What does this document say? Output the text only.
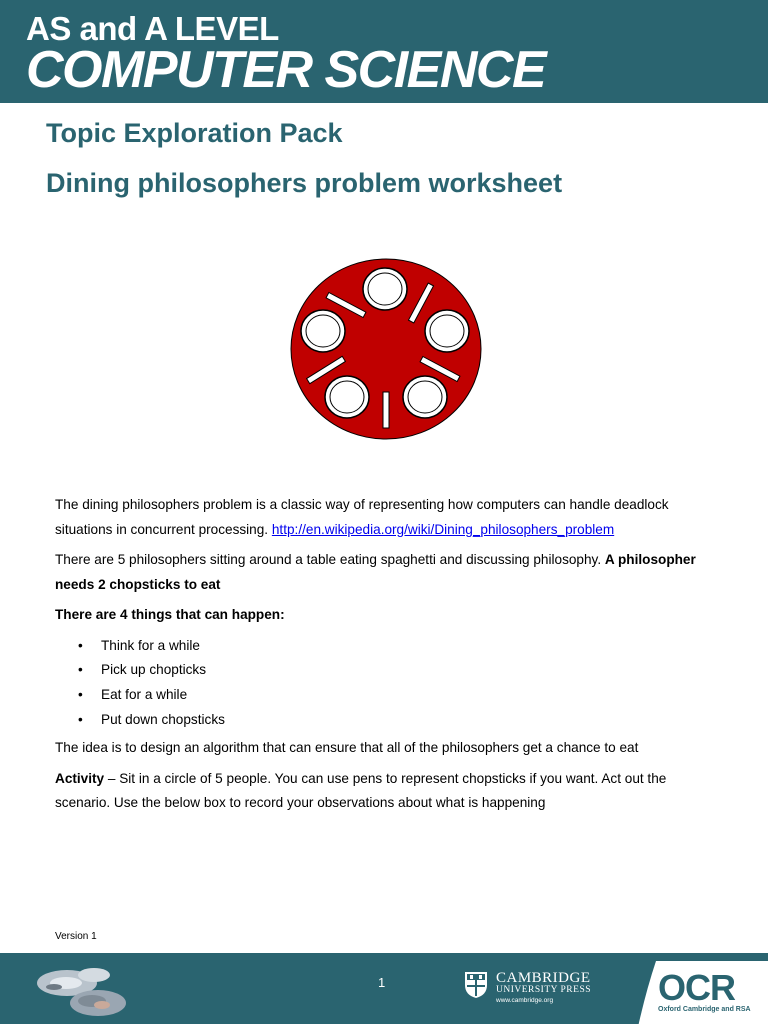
AS and A LEVEL
COMPUTER SCIENCE
Topic Exploration Pack
Dining philosophers problem worksheet

The dining philosophers problem is a classic way of representing how computers can handle deadlock situations in concurrent processing. http://en.wikipedia.org/wiki/Dining_philosophers_problem

There are 5 philosophers sitting around a table eating spaghetti and discussing philosophy. A philosopher needs 2 chopsticks to eat

There are 4 things that can happen:

• Think for a while
• Pick up chopticks
• Eat for a while
• Put down chopsticks

The idea is to design an algorithm that can ensure that all of the philosophers get a chance to eat

Activity – Sit in a circle of 5 people. You can use pens to represent chopsticks if you want. Act out the scenario. Use the below box to record your observations about what is happening

Version 1
1	CAMBRIDGE
UNIVERSITY PRESS
www.cambridge.org	OCR
Oxford Cambridge and RSA
